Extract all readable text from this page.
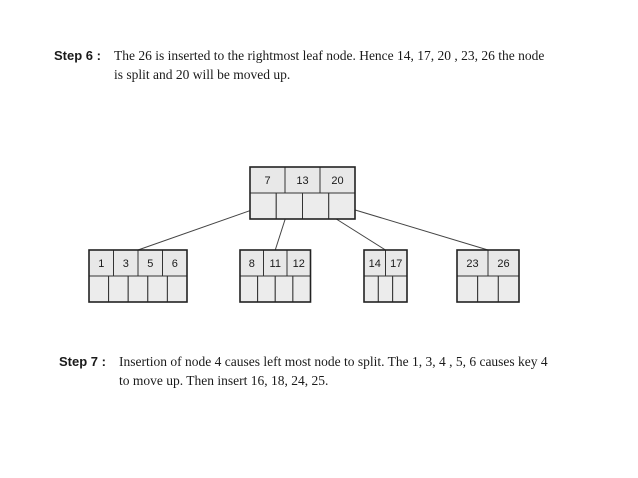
Step 6 : The 26 is inserted to the rightmost leaf node. Hence 14, 17, 20 , 23, 26 the node
is split and 20 will be moved up.
7 13 20
1 3 5 6	8 11 12	14 17	23 26
Step 7 : Insertion of node 4 causes left most node to split. The 1, 3, 4 , 5, 6 causes key 4
to move up. Then insert 16, 18, 24, 25.
